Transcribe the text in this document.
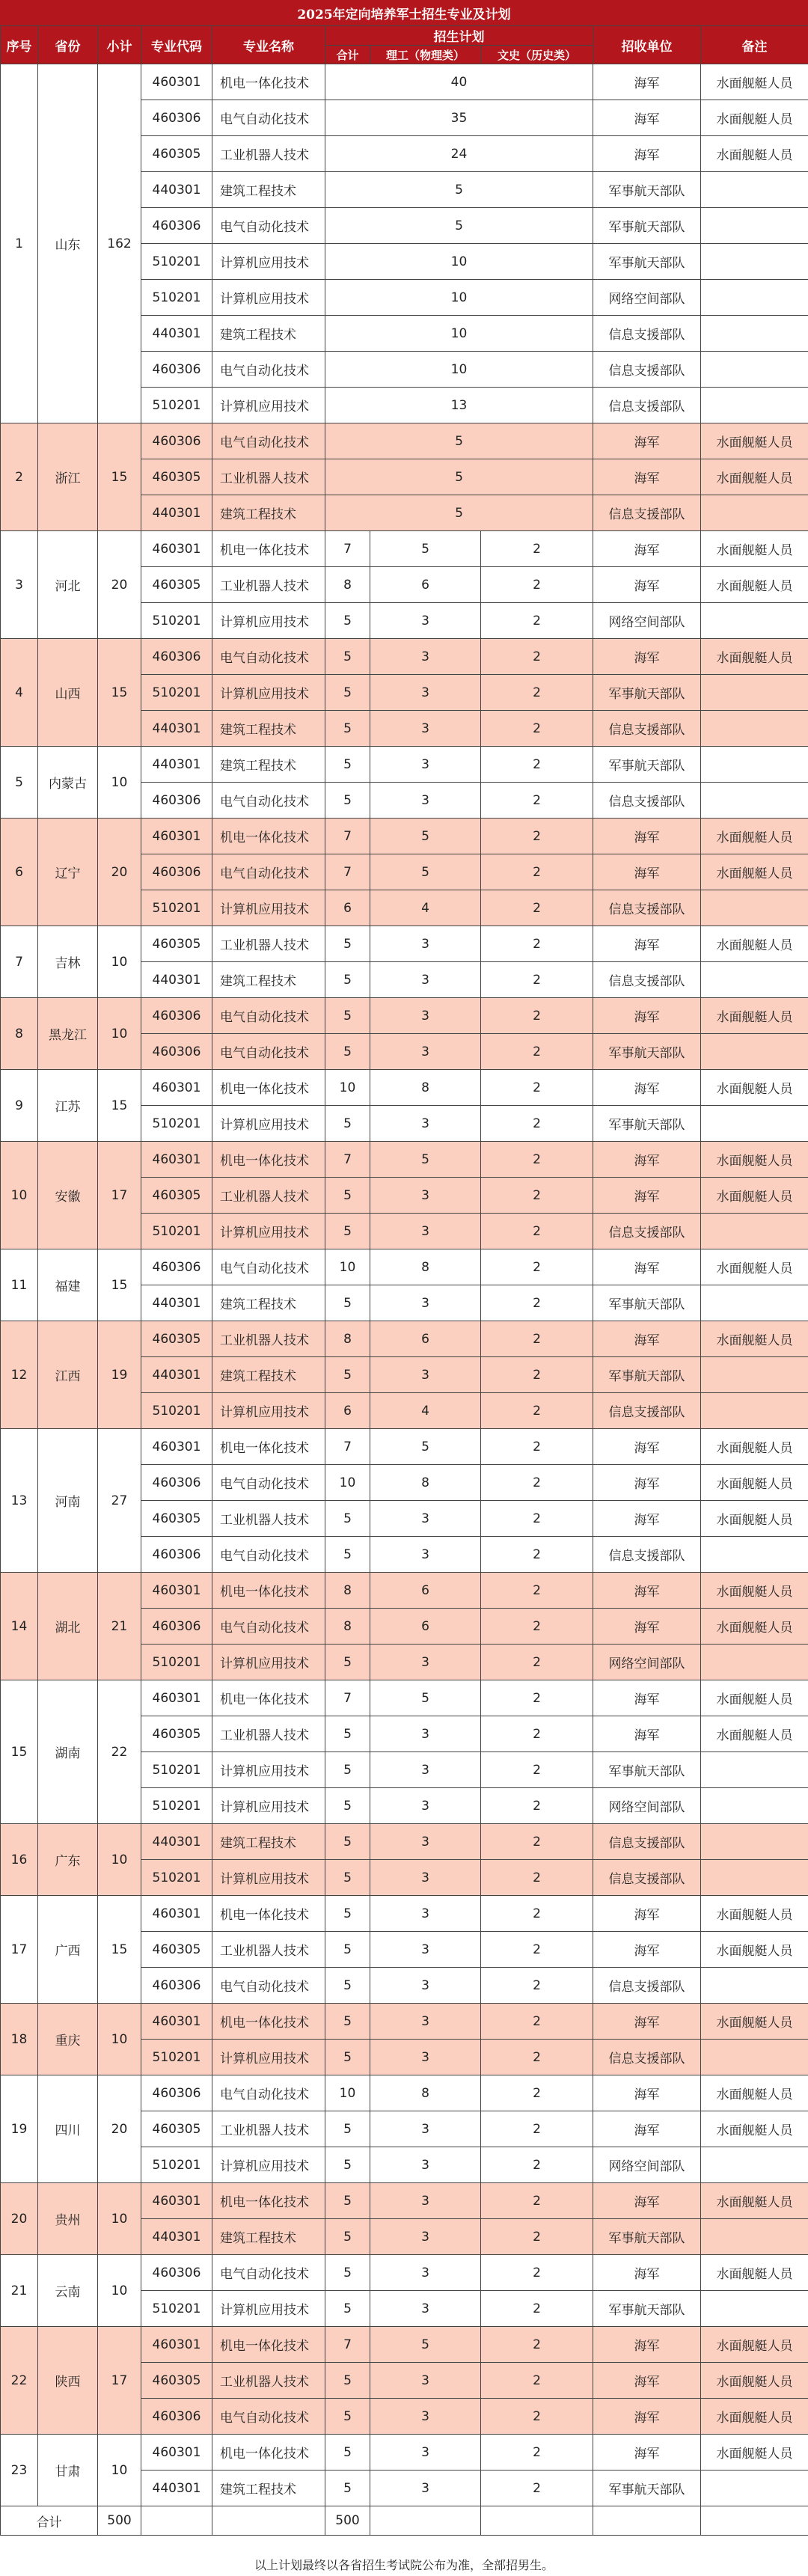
2025年定向培养军士招生专业及计划
序号	省份	小计	专业代码	专业名称	招生计划			招收单位	备注
					合计	理工（物理类）	文史（历史类）		
1	山东	162	460301	机电一体化技术	40			海军	水面舰艇人员
			460306	电气自动化技术	35			海军	水面舰艇人员
			460305	工业机器人技术	24			海军	水面舰艇人员
			440301	建筑工程技术	5			军事航天部队	
			460306	电气自动化技术	5			军事航天部队	
			510201	计算机应用技术	10			军事航天部队	
			510201	计算机应用技术	10			网络空间部队	
			440301	建筑工程技术	10			信息支援部队	
			460306	电气自动化技术	10			信息支援部队	
			510201	计算机应用技术	13			信息支援部队	
2	浙江	15	460306	电气自动化技术	5			海军	水面舰艇人员
			460305	工业机器人技术	5			海军	水面舰艇人员
			440301	建筑工程技术	5			信息支援部队	
3	河北	20	460301	机电一体化技术	7	5	2	海军	水面舰艇人员
			460305	工业机器人技术	8	6	2	海军	水面舰艇人员
			510201	计算机应用技术	5	3	2	网络空间部队	
4	山西	15	460306	电气自动化技术	5	3	2	海军	水面舰艇人员
			510201	计算机应用技术	5	3	2	军事航天部队	
			440301	建筑工程技术	5	3	2	信息支援部队	
5	内蒙古	10	440301	建筑工程技术	5	3	2	军事航天部队	
			460306	电气自动化技术	5	3	2	信息支援部队	
6	辽宁	20	460301	机电一体化技术	7	5	2	海军	水面舰艇人员
			460306	电气自动化技术	7	5	2	海军	水面舰艇人员
			510201	计算机应用技术	6	4	2	信息支援部队	
7	吉林	10	460305	工业机器人技术	5	3	2	海军	水面舰艇人员
			440301	建筑工程技术	5	3	2	信息支援部队	
8	黑龙江	10	460306	电气自动化技术	5	3	2	海军	水面舰艇人员
			460306	电气自动化技术	5	3	2	军事航天部队	
9	江苏	15	460301	机电一体化技术	10	8	2	海军	水面舰艇人员
			510201	计算机应用技术	5	3	2	军事航天部队	
10	安徽	17	460301	机电一体化技术	7	5	2	海军	水面舰艇人员
			460305	工业机器人技术	5	3	2	海军	水面舰艇人员
			510201	计算机应用技术	5	3	2	信息支援部队	
11	福建	15	460306	电气自动化技术	10	8	2	海军	水面舰艇人员
			440301	建筑工程技术	5	3	2	军事航天部队	
12	江西	19	460305	工业机器人技术	8	6	2	海军	水面舰艇人员
			440301	建筑工程技术	5	3	2	军事航天部队	
			510201	计算机应用技术	6	4	2	信息支援部队	
13	河南	27	460301	机电一体化技术	7	5	2	海军	水面舰艇人员
			460306	电气自动化技术	10	8	2	海军	水面舰艇人员
			460305	工业机器人技术	5	3	2	海军	水面舰艇人员
			460306	电气自动化技术	5	3	2	信息支援部队	
14	湖北	21	460301	机电一体化技术	8	6	2	海军	水面舰艇人员
			460306	电气自动化技术	8	6	2	海军	水面舰艇人员
			510201	计算机应用技术	5	3	2	网络空间部队	
15	湖南	22	460301	机电一体化技术	7	5	2	海军	水面舰艇人员
			460305	工业机器人技术	5	3	2	海军	水面舰艇人员
			510201	计算机应用技术	5	3	2	军事航天部队	
			510201	计算机应用技术	5	3	2	网络空间部队	
16	广东	10	440301	建筑工程技术	5	3	2	信息支援部队	
			510201	计算机应用技术	5	3	2	信息支援部队	
17	广西	15	460301	机电一体化技术	5	3	2	海军	水面舰艇人员
			460305	工业机器人技术	5	3	2	海军	水面舰艇人员
			460306	电气自动化技术	5	3	2	信息支援部队	
18	重庆	10	460301	机电一体化技术	5	3	2	海军	水面舰艇人员
			510201	计算机应用技术	5	3	2	信息支援部队	
19	四川	20	460306	电气自动化技术	10	8	2	海军	水面舰艇人员
			460305	工业机器人技术	5	3	2	海军	水面舰艇人员
			510201	计算机应用技术	5	3	2	网络空间部队	
20	贵州	10	460301	机电一体化技术	5	3	2	海军	水面舰艇人员
			440301	建筑工程技术	5	3	2	军事航天部队	
21	云南	10	460306	电气自动化技术	5	3	2	海军	水面舰艇人员
			510201	计算机应用技术	5	3	2	军事航天部队	
22	陕西	17	460301	机电一体化技术	7	5	2	海军	水面舰艇人员
			460305	工业机器人技术	5	3	2	海军	水面舰艇人员
			460306	电气自动化技术	5	3	2	海军	水面舰艇人员
23	甘肃	10	460301	机电一体化技术	5	3	2	海军	水面舰艇人员
			440301	建筑工程技术	5	3	2	军事航天部队	
合计		500			500				
以上计划最终以各省招生考试院公布为准，全部招男生。
